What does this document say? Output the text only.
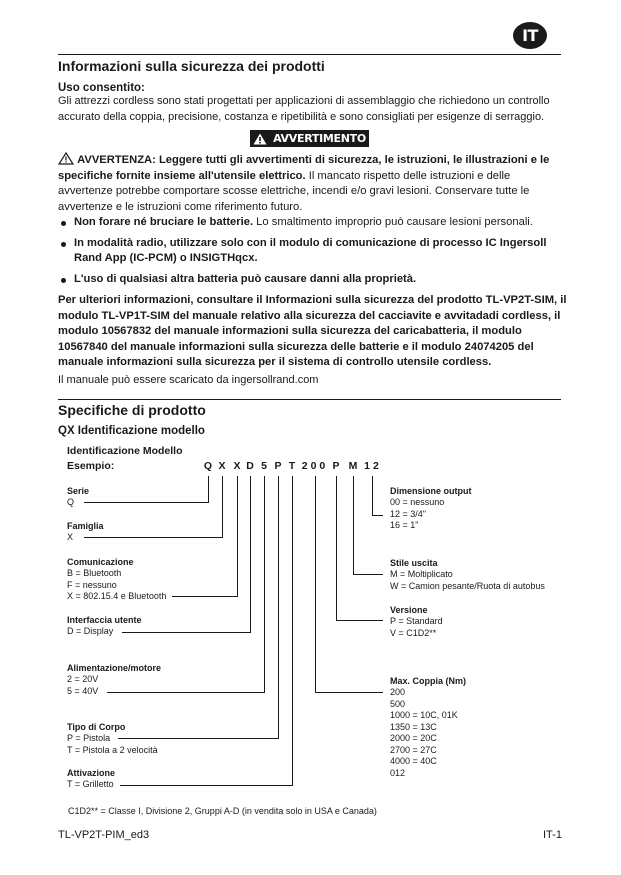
IT
Informazioni sulla sicurezza dei prodotti
Uso consentito:
Gli attrezzi cordless sono stati progettati per applicazioni di assemblaggio che richiedono un controllo accurato della coppia, precisione, costanza e ripetibilità e sono consigliati per esigenze di serraggio.
AVVERTIMENTO
AVVERTENZA: Leggere tutti gli avvertimenti di sicurezza, le istruzioni, le illustrazioni e le specifiche fornite insieme all'utensile elettrico. Il mancato rispetto delle istruzioni e delle avvertenze potrebbe comportare scosse elettriche, incendi e/o gravi lesioni. Conservare tutte le avvertenze e le istruzioni come riferimento futuro.
Non forare né bruciare le batterie. Lo smaltimento improprio può causare lesioni personali.
In modalità radio, utilizzare solo con il modulo di comunicazione di processo IC Ingersoll Rand App (IC-PCM) o INSIGTHqcx.
L'uso di qualsiasi altra batteria può causare danni alla proprietà.
Per ulteriori informazioni, consultare il Informazioni sulla sicurezza del prodotto TL-VP2T-SIM, il modulo TL-VP1T-SIM del manuale relativo alla sicurezza del cacciavite e avvitadadi cordless, il modulo 10567832 del manuale informazioni sulla sicurezza del caricabatteria, il modulo 10567840 del manuale informazioni sulla sicurezza delle batterie e il modulo 24074205 del manuale informazioni sulla sicurezza per il sistema di controllo utensile cordless.
Il manuale può essere scaricato da ingersollrand.com
Specifiche di prodotto
QX Identificazione modello
Identificazione Modello
Esempio:	Q X X D 5 P T 200 P M 12
Serie
Q
Famiglia
X
Comunicazione
B = Bluetooth
F = nessuno
X = 802.15.4 e Bluetooth
Interfaccia utente
D = Display
Alimentazione/motore
2 = 20V
5 = 40V
Tipo di Corpo
P = Pistola
T = Pistola a 2 velocità
Attivazione
T = Grilletto
Dimensione output
00 = nessuno
12 = 3/4"
16 = 1"
Stile uscita
M = Moltiplicato
W = Camion pesante/Ruota di autobus
Versione
P = Standard
V = C1D2**
Max. Coppia (Nm)
200
500
1000 = 10C, 01K
1350 = 13C
2000 = 20C
2700 = 27C
4000 = 40C
012
C1D2** = Classe I, Divisione 2, Gruppi A-D (in vendita solo in USA e Canada)
TL-VP2T-PIM_ed3	IT-1
